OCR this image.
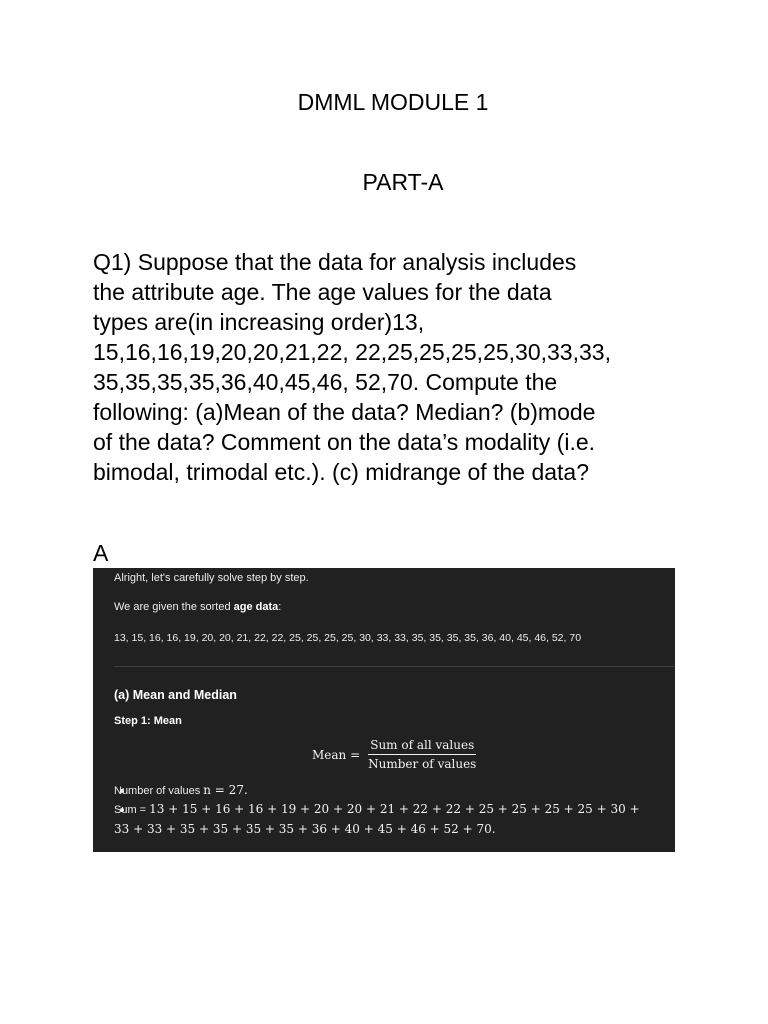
DMML MODULE 1
PART-A

Q1) Suppose that the data for analysis includes
the attribute age. The age values for the data
types are(in increasing order)13,
15,16,16,19,20,20,21,22, 22,25,25,25,25,30,33,33,
35,35,35,35,36,40,45,46, 52,70. Compute the
following: (a)Mean of the data? Median? (b)mode
of the data? Comment on the data’s modality (i.e.
bimodal, trimodal etc.). (c) midrange of the data?

A
Alright, let's carefully solve step by step.
We are given the sorted age data:
13, 15, 16, 16, 19, 20, 20, 21, 22, 22, 25, 25, 25, 25, 30, 33, 33, 35, 35, 35, 35, 36, 40, 45, 46, 52, 70
(a) Mean and Median
Step 1: Mean
Mean = $\frac{\text{Sum of all values}}{\text{Number of values}}$
Number of values n = 27.
Sum = 13 + 15 + 16 + 16 + 19 + 20 + 20 + 21 + 22 + 22 + 25 + 25 + 25 + 25 + 30 +
33 + 33 + 35 + 35 + 35 + 35 + 36 + 40 + 45 + 46 + 52 + 70.
